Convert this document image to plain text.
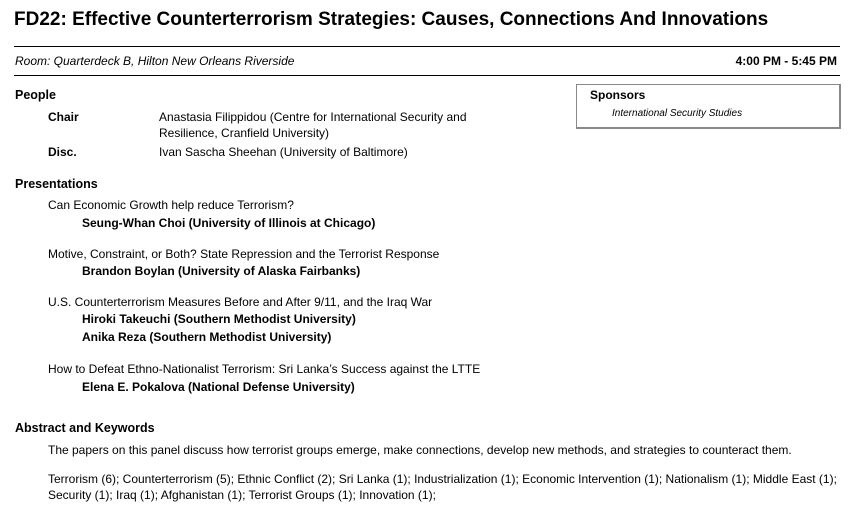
FD22: Effective Counterterrorism Strategies: Causes, Connections And Innovations
Room: Quarterdeck B, Hilton New Orleans Riverside	4:00 PM - 5:45 PM
People
Chair	Anastasia Filippidou (Centre for International Security and Resilience, Cranfield University)
Disc.	Ivan Sascha Sheehan (University of Baltimore)
Sponsors
International Security Studies
Presentations
Can Economic Growth help reduce Terrorism?
Seung-Whan Choi (University of Illinois at Chicago)
Motive, Constraint, or Both? State Repression and the Terrorist Response
Brandon Boylan (University of Alaska Fairbanks)
U.S. Counterterrorism Measures Before and After 9/11, and the Iraq War
Hiroki Takeuchi (Southern Methodist University)
Anika Reza (Southern Methodist University)
How to Defeat Ethno-Nationalist Terrorism: Sri Lanka’s Success against the LTTE
Elena E. Pokalova (National Defense University)
Abstract and Keywords
The papers on this panel discuss how terrorist groups emerge, make connections, develop new methods, and strategies to counteract them.
Terrorism (6); Counterterrorism (5); Ethnic Conflict (2); Sri Lanka (1); Industrialization (1); Economic Intervention (1); Nationalism (1); Middle East (1); Security (1); Iraq (1); Afghanistan (1); Terrorist Groups (1); Innovation (1);
